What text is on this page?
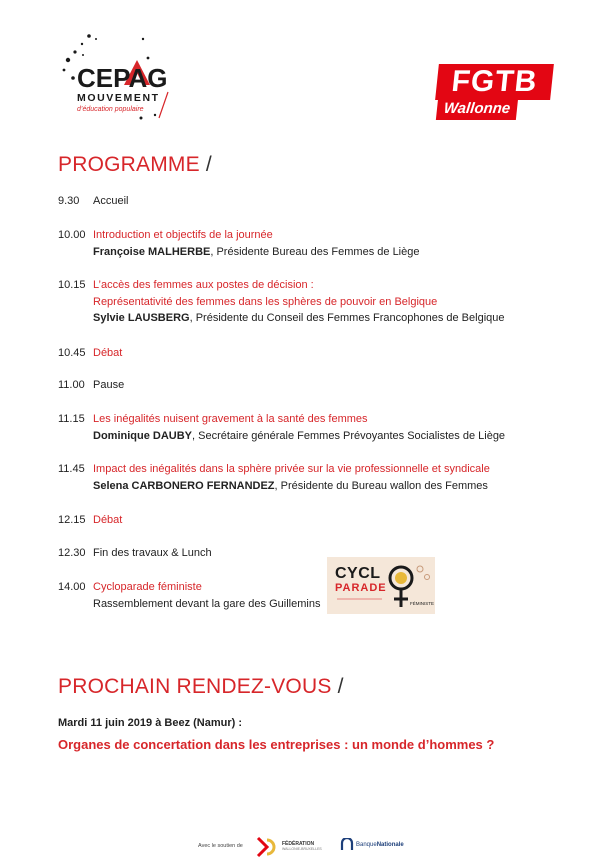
CEPAG
MOUVEMENT
d’éducation populaire
FGTB
Wallonne
PROGRAMME /
9.30	Accueil
10.00 Introduction et objectifs de la journée
Françoise MALHERBE, Présidente Bureau des Femmes de Liège
10.15 L’accès des femmes aux postes de décision :
Représentativité des femmes dans les sphères de pouvoir en Belgique
Sylvie LAUSBERG, Présidente du Conseil des Femmes Francophones de Belgique
10.45 Débat
11.00 Pause
11.15 Les inégalités nuisent gravement à la santé des femmes
Dominique DAUBY, Secrétaire générale Femmes Prévoyantes Socialistes de Liège
11.45 Impact des inégalités dans la sphère privée sur la vie professionnelle et syndicale
Selena CARBONERO FERNANDEZ, Présidente du Bureau wallon des Femmes
12.15 Débat
12.30 Fin des travaux & Lunch
14.00 Cycloparade féministe
Rassemblement devant la gare des Guillemins
CYCL
PARADE
FÉMINISTE
PROCHAIN RENDEZ-VOUS /
Mardi 11 juin 2019 à Beez (Namur) :
Organes de concertation dans les entreprises : un monde d’hommes ?
Avec le soutien de	FÉDÉRATION
WALLONIE-BRUXELLES
BanqueNationale
